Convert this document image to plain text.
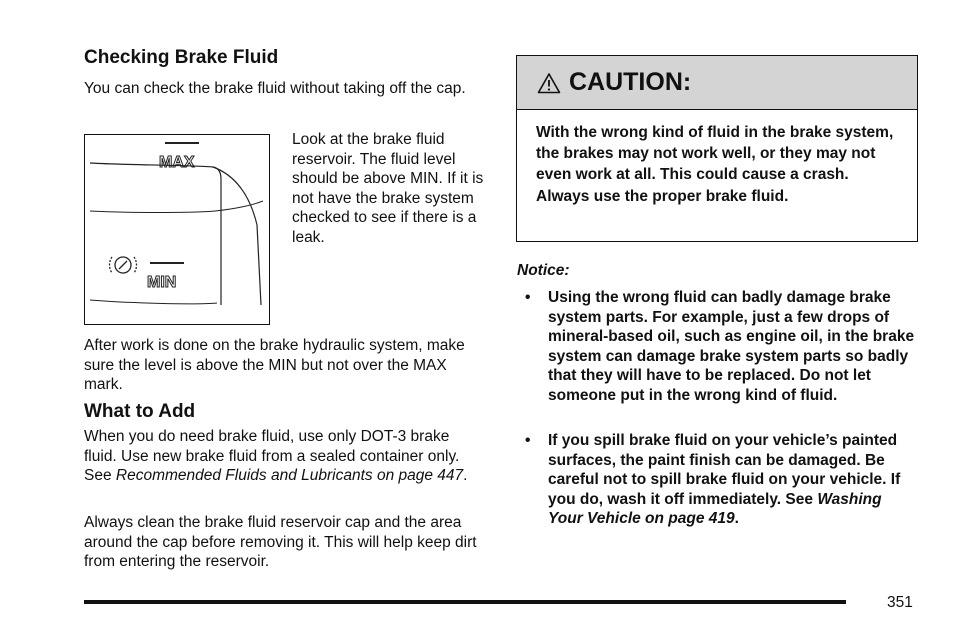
Checking Brake Fluid

You can check the brake fluid without taking off the cap.

MAX
MIN

Look at the brake fluid reservoir. The fluid level should be above MIN. If it is not have the brake system checked to see if there is a leak.

After work is done on the brake hydraulic system, make sure the level is above the MIN but not over the MAX mark.

What to Add

When you do need brake fluid, use only DOT-3 brake fluid. Use new brake fluid from a sealed container only. See Recommended Fluids and Lubricants on page 447.

Always clean the brake fluid reservoir cap and the area around the cap before removing it. This will help keep dirt from entering the reservoir.

CAUTION:
With the wrong kind of fluid in the brake system, the brakes may not work well, or they may not even work at all. This could cause a crash. Always use the proper brake fluid.
Notice:
• Using the wrong fluid can badly damage brake system parts. For example, just a few drops of mineral-based oil, such as engine oil, in the brake system can damage brake system parts so badly that they will have to be replaced. Do not let someone put in the wrong kind of fluid.
• If you spill brake fluid on your vehicle’s painted surfaces, the paint finish can be damaged. Be careful not to spill brake fluid on your vehicle. If you do, wash it off immediately. See Washing Your Vehicle on page 419.
351
